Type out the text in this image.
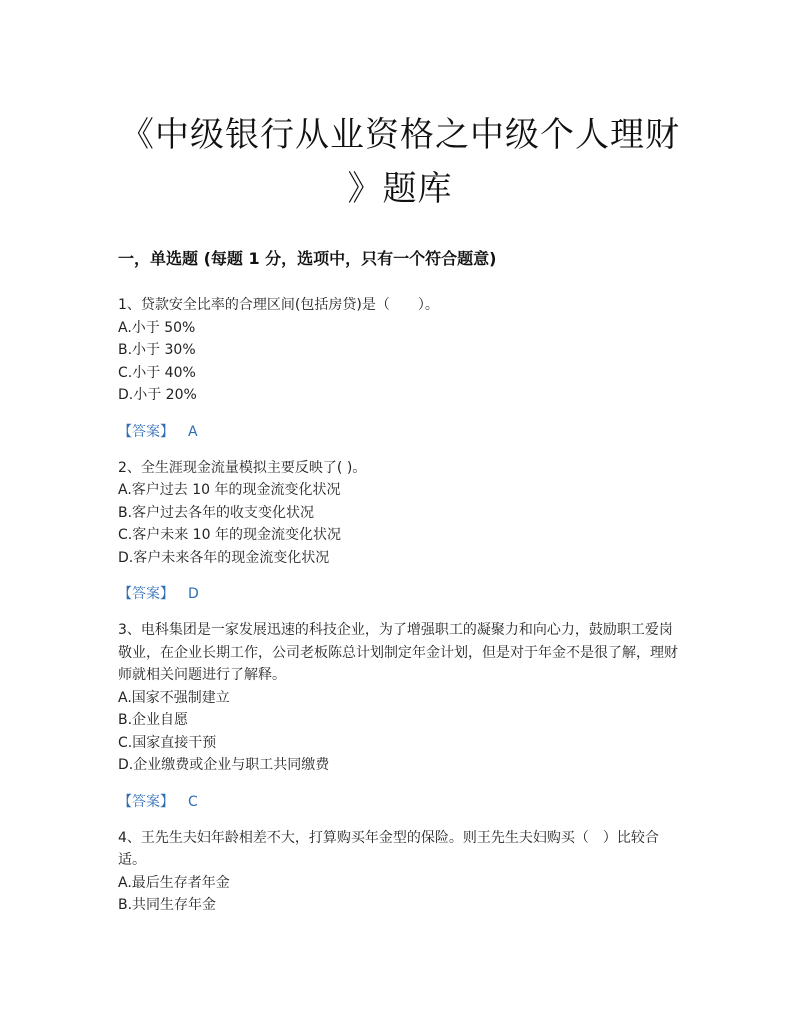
《中级银行从业资格之中级个人理财
》题库
一，单选题 (每题 1 分，选项中，只有一个符合题意)
1、贷款安全比率的合理区间(包括房贷)是（　　）。
A.小于 50%
B.小于 30%
C.小于 40%
D.小于 20%
【答案】 A
2、全生涯现金流量模拟主要反映了( )。
A.客户过去 10 年的现金流变化状况
B.客户过去各年的收支变化状况
C.客户未来 10 年的现金流变化状况
D.客户未来各年的现金流变化状况
【答案】 D
3、电科集团是一家发展迅速的科技企业，为了增强职工的凝聚力和向心力，鼓励职工爱岗敬业，在企业长期工作，公司老板陈总计划制定年金计划，但是对于年金不是很了解，理财师就相关问题进行了解释。
A.国家不强制建立
B.企业自愿
C.国家直接干预
D.企业缴费或企业与职工共同缴费
【答案】 C
4、王先生夫妇年龄相差不大，打算购买年金型的保险。则王先生夫妇购买（　）比较合适。
A.最后生存者年金
B.共同生存年金
